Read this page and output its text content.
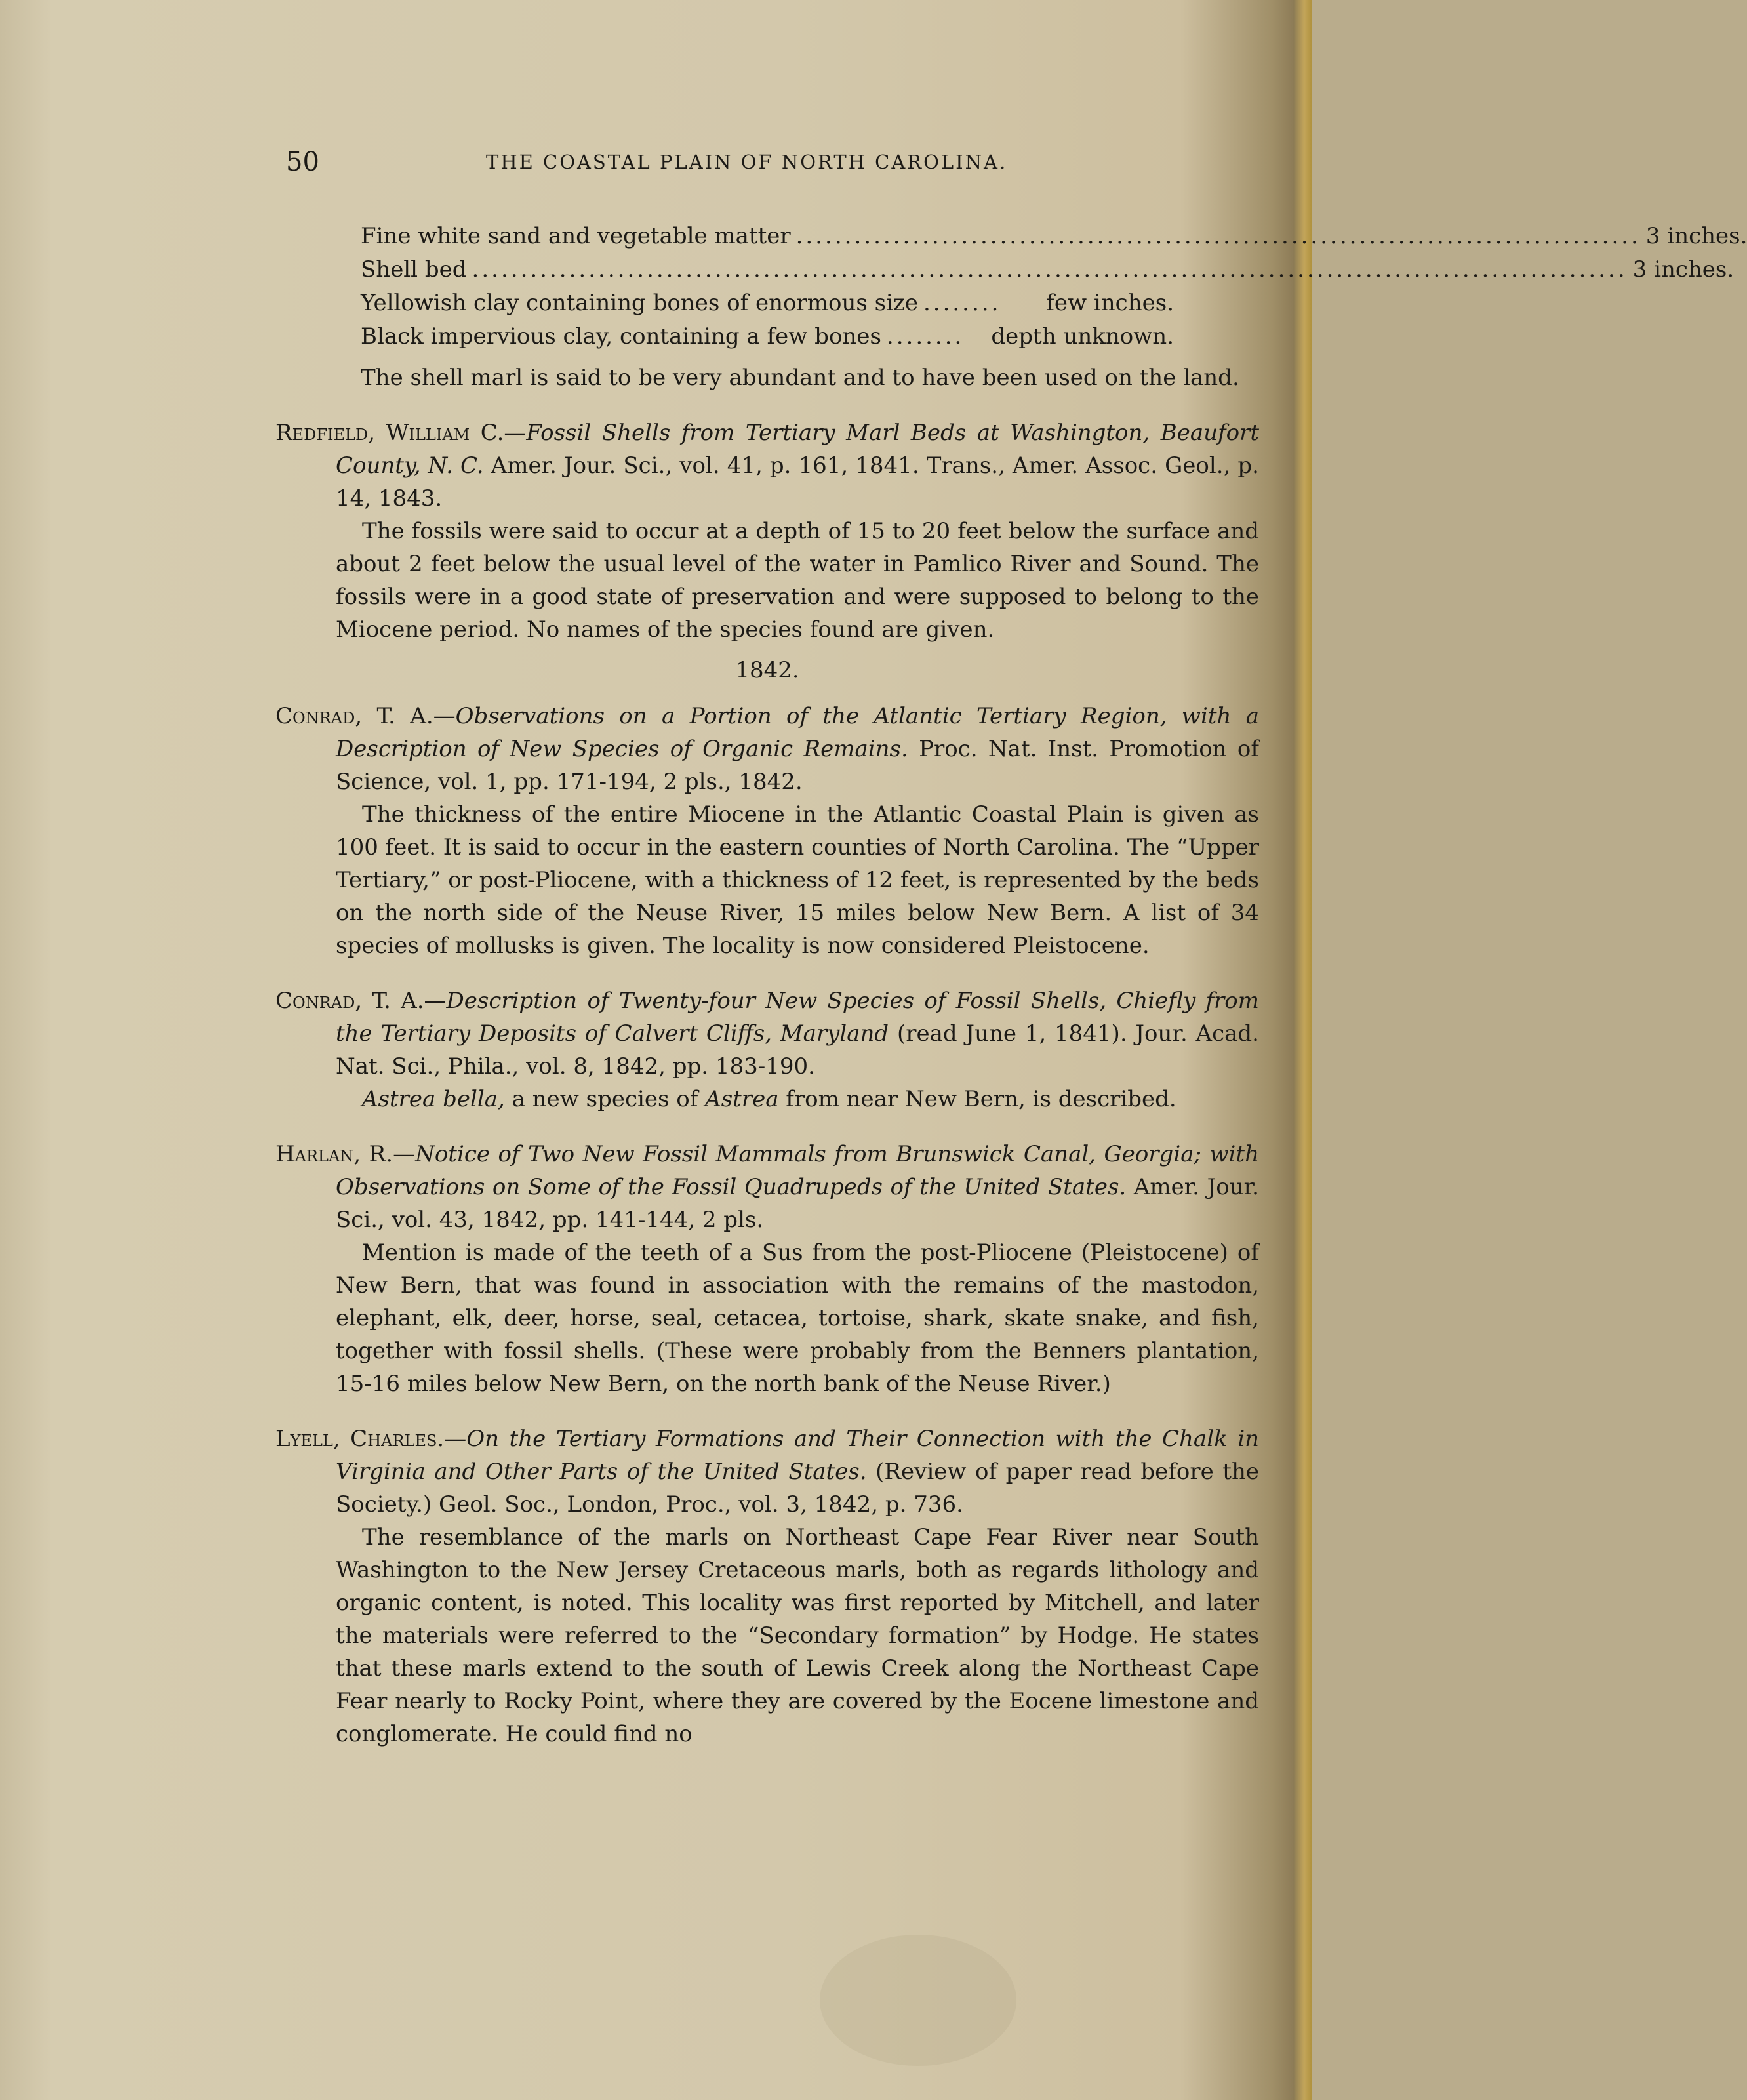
50	THE COASTAL PLAIN OF NORTH CAROLINA.
Fine white sand and vegetable matter ....................................................................................... 3 inches.
Shell bed ....................................................................................................................... 3 inches.
Yellowish clay containing bones of enormous size ........	few inches.
Black impervious clay, containing a few bones ........	depth unknown.

The shell marl is said to be very abundant and to have been used on the land.

Redfield, William C.—Fossil Shells from Tertiary Marl Beds at Washington, Beaufort County, N. C. Amer. Jour. Sci., vol. 41, p. 161, 1841. Trans., Amer. Assoc. Geol., p. 14, 1843.

The fossils were said to occur at a depth of 15 to 20 feet below the surface and about 2 feet below the usual level of the water in Pamlico River and Sound. The fossils were in a good state of preservation and were supposed to belong to the Miocene period. No names of the species found are given.

1842.

Conrad, T. A.—Observations on a Portion of the Atlantic Tertiary Region, with a Description of New Species of Organic Remains. Proc. Nat. Inst. Promotion of Science, vol. 1, pp. 171-194, 2 pls., 1842.

The thickness of the entire Miocene in the Atlantic Coastal Plain is given as 100 feet. It is said to occur in the eastern counties of North Carolina. The “Upper Tertiary,” or post-Pliocene, with a thickness of 12 feet, is represented by the beds on the north side of the Neuse River, 15 miles below New Bern. A list of 34 species of mollusks is given. The locality is now considered Pleistocene.

Conrad, T. A.—Description of Twenty-four New Species of Fossil Shells, Chiefly from the Tertiary Deposits of Calvert Cliffs, Maryland (read June 1, 1841). Jour. Acad. Nat. Sci., Phila., vol. 8, 1842, pp. 183-190.

Astrea bella, a new species of Astrea from near New Bern, is described.

Harlan, R.—Notice of Two New Fossil Mammals from Brunswick Canal, Georgia; with Observations on Some of the Fossil Quadrupeds of the United States. Amer. Jour. Sci., vol. 43, 1842, pp. 141-144, 2 pls.

Mention is made of the teeth of a Sus from the post-Pliocene (Pleistocene) of New Bern, that was found in association with the remains of the mastodon, elephant, elk, deer, horse, seal, cetacea, tortoise, shark, skate snake, and fish, together with fossil shells. (These were probably from the Benners plantation, 15-16 miles below New Bern, on the north bank of the Neuse River.)

Lyell, Charles.—On the Tertiary Formations and Their Connection with the Chalk in Virginia and Other Parts of the United States. (Review of paper read before the Society.) Geol. Soc., London, Proc., vol. 3, 1842, p. 736.

The resemblance of the marls on Northeast Cape Fear River near South Washington to the New Jersey Cretaceous marls, both as regards lithology and organic content, is noted. This locality was first reported by Mitchell, and later the materials were referred to the “Secondary formation” by Hodge. He states that these marls extend to the south of Lewis Creek along the Northeast Cape Fear nearly to Rocky Point, where they are covered by the Eocene limestone and conglomerate. He could find no
